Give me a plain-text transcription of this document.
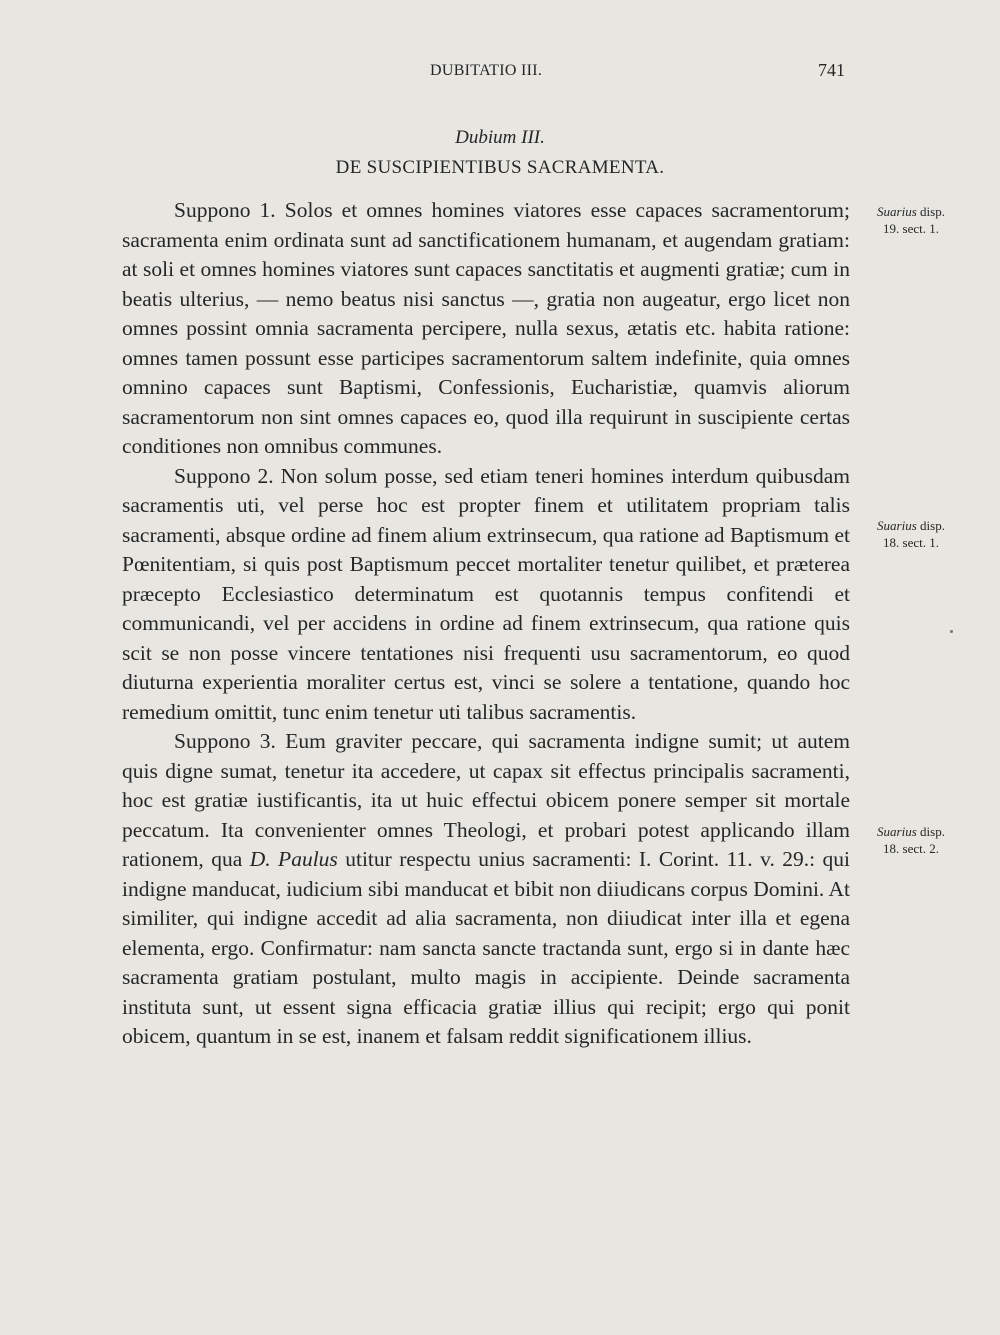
DUBITATIO III.	741
Dubium III.
DE SUSCIPIENTIBUS SACRAMENTA.

Suppono 1. Solos et omnes homines viatores esse capaces sacramentorum; sacramenta enim ordinata sunt ad sanctificationem humanam, et augendam gratiam: at soli et omnes homines viatores sunt capaces sanctitatis et augmenti gratiæ; cum in beatis ulterius, — nemo beatus nisi sanctus —, gratia non augeatur, ergo licet non omnes possint omnia sacramenta percipere, nulla sexus, ætatis etc. habita ratione: omnes tamen possunt esse participes sacramentorum saltem indefinite, quia omnes omnino capaces sunt Baptismi, Confessionis, Eucharistiæ, quamvis aliorum sacramentorum non sint omnes capaces eo, quod illa requirunt in suscipiente certas conditiones non omnibus communes.

Suppono 2. Non solum posse, sed etiam teneri homines interdum quibusdam sacramentis uti, vel perse hoc est propter finem et utilitatem propriam talis sacramenti, absque ordine ad finem alium extrinsecum, qua ratione ad Baptismum et Pœnitentiam, si quis post Baptismum peccet mortaliter tenetur quilibet, et præterea præcepto Ecclesiastico determinatum est quotannis tempus confitendi et communicandi, vel per accidens in ordine ad finem extrinsecum, qua ratione quis scit se non posse vincere tentationes nisi frequenti usu sacramentorum, eo quod diuturna experientia moraliter certus est, vinci se solere a tentatione, quando hoc remedium omittit, tunc enim tenetur uti talibus sacramentis.

Suppono 3. Eum graviter peccare, qui sacramenta indigne sumit; ut autem quis digne sumat, tenetur ita accedere, ut capax sit effectus principalis sacramenti, hoc est gratiæ iustificantis, ita ut huic effectui obicem ponere semper sit mortale peccatum. Ita convenienter omnes Theologi, et probari potest applicando illam rationem, qua D. Paulus utitur respectu unius sacramenti: I. Corint. 11. v. 29.: qui indigne manducat, iudicium sibi manducat et bibit non diiudicans corpus Domini. At similiter, qui indigne accedit ad alia sacramenta, non diiudicat inter illa et egena elementa, ergo. Confirmatur: nam sancta sancte tractanda sunt, ergo si in dante hæc sacramenta gratiam postulant, multo magis in accipiente. Deinde sacramenta instituta sunt, ut essent signa efficacia gratiæ illius qui recipit; ergo qui ponit obicem, quantum in se est, inanem et falsam reddit significationem illius.

Suarius disp.
19. sect. 1.
Suarius disp.
18. sect. 1.
Suarius disp.
18. sect. 2.
